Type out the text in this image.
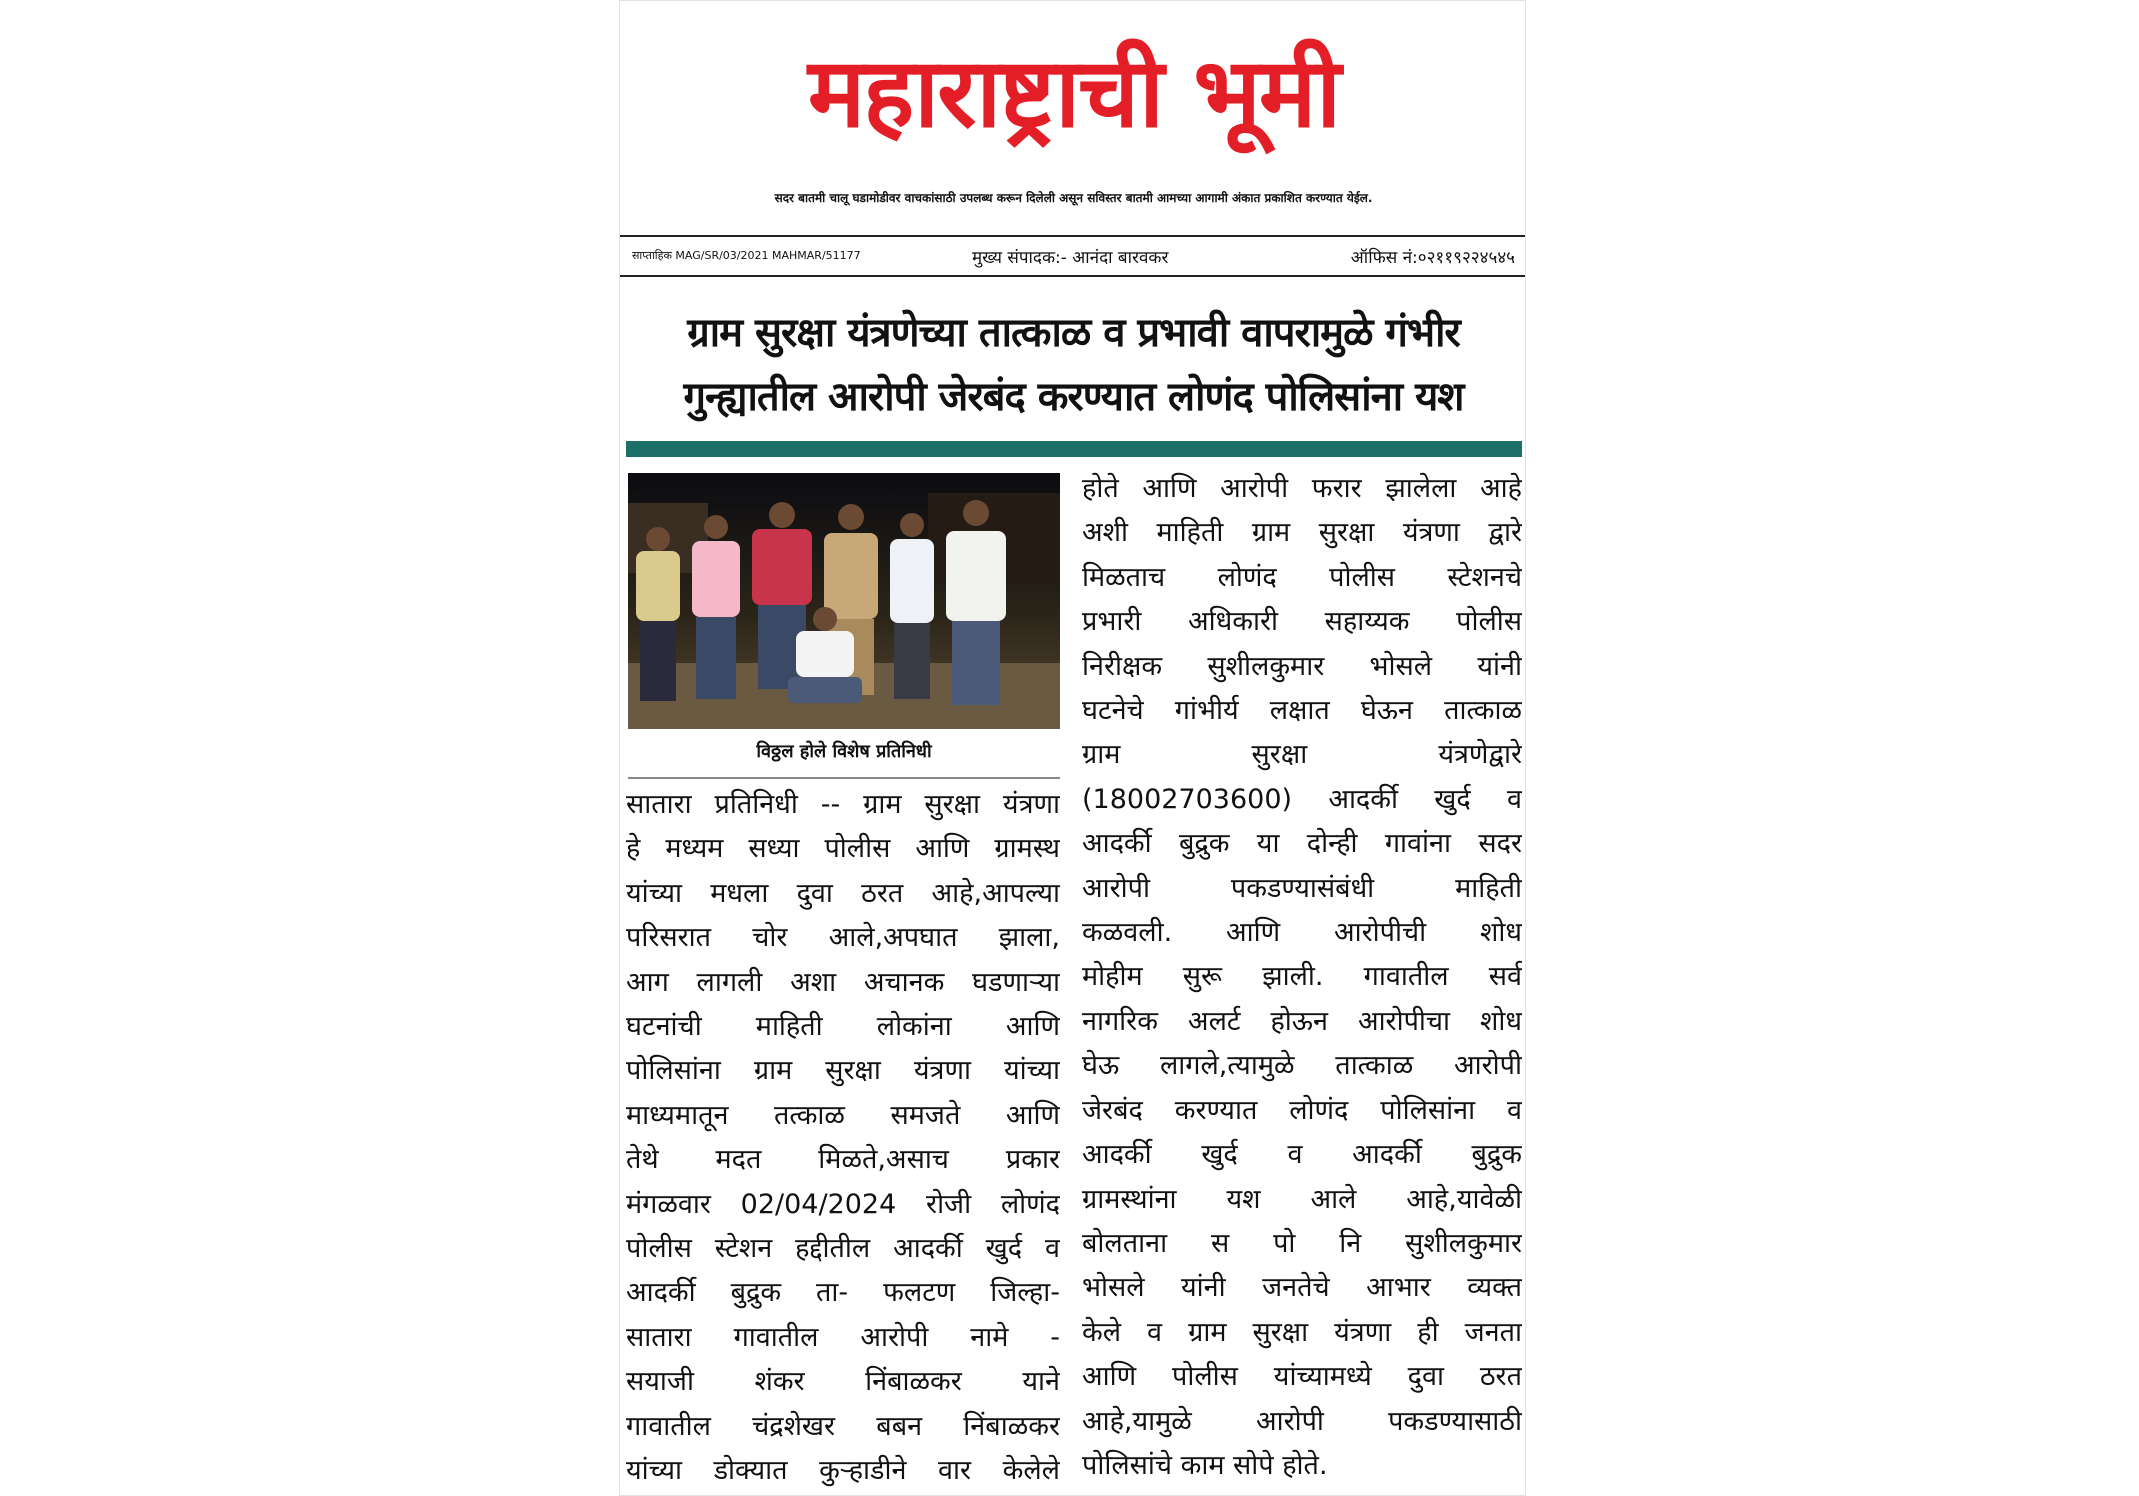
महाराष्ट्राची भूमी
सदर बातमी चालू घडामोडीवर वाचकांसाठी उपलब्ध करून दिलेली असून सविस्तर बातमी आमच्या आगामी अंकात प्रकाशित करण्यात येईल.
साप्ताहिक MAG/SR/03/2021 MAHMAR/51177	मुख्य संपादक:- आनंदा बारवकर	ऑफिस नं:०२११९२२४५४५
ग्राम सुरक्षा यंत्रणेच्या तात्काळ व प्रभावी वापरामुळे गंभीर
गुन्ह्यातील आरोपी जेरबंद करण्यात लोणंद पोलिसांना यश
विठ्ठल होले विशेष प्रतिनिधी
सातारा प्रतिनिधी -- ग्राम सुरक्षा यंत्रणा
हे मध्यम सध्या पोलीस आणि ग्रामस्थ
यांच्या मधला दुवा ठरत आहे,आपल्या
परिसरात चोर आले,अपघात झाला,
आग लागली अशा अचानक घडणाऱ्या
घटनांची माहिती लोकांना आणि
पोलिसांना ग्राम सुरक्षा यंत्रणा यांच्या
माध्यमातून तत्काळ समजते आणि
तेथे मदत मिळते,असाच प्रकार
मंगळवार 02/04/2024 रोजी लोणंद
पोलीस स्टेशन हद्दीतील आदर्की खुर्द व
आदर्की बुद्रुक ता- फलटण जिल्हा-
सातारा गावातील आरोपी नामे -
सयाजी शंकर निंबाळकर याने
गावातील चंद्रशेखर बबन निंबाळकर
यांच्या डोक्यात कुऱ्हाडीने वार केलेले
होते आणि आरोपी फरार झालेला आहे
अशी माहिती ग्राम सुरक्षा यंत्रणा द्वारे
मिळताच लोणंद पोलीस स्टेशनचे
प्रभारी अधिकारी सहाय्यक पोलीस
निरीक्षक सुशीलकुमार भोसले यांनी
घटनेचे गांभीर्य लक्षात घेऊन तात्काळ
ग्राम सुरक्षा यंत्रणेद्वारे
(18002703600) आदर्की खुर्द व
आदर्की बुद्रुक या दोन्ही गावांना सदर
आरोपी पकडण्यासंबंधी माहिती
कळवली. आणि आरोपीची शोध
मोहीम सुरू झाली. गावातील सर्व
नागरिक अलर्ट होऊन आरोपीचा शोध
घेऊ लागले,त्यामुळे तात्काळ आरोपी
जेरबंद करण्यात लोणंद पोलिसांना व
आदर्की खुर्द व आदर्की बुद्रुक
ग्रामस्थांना यश आले आहे,यावेळी
बोलताना स पो नि सुशीलकुमार
भोसले यांनी जनतेचे आभार व्यक्त
केले व ग्राम सुरक्षा यंत्रणा ही जनता
आणि पोलीस यांच्यामध्ये दुवा ठरत
आहे,यामुळे आरोपी पकडण्यासाठी
पोलिसांचे काम सोपे होते.
